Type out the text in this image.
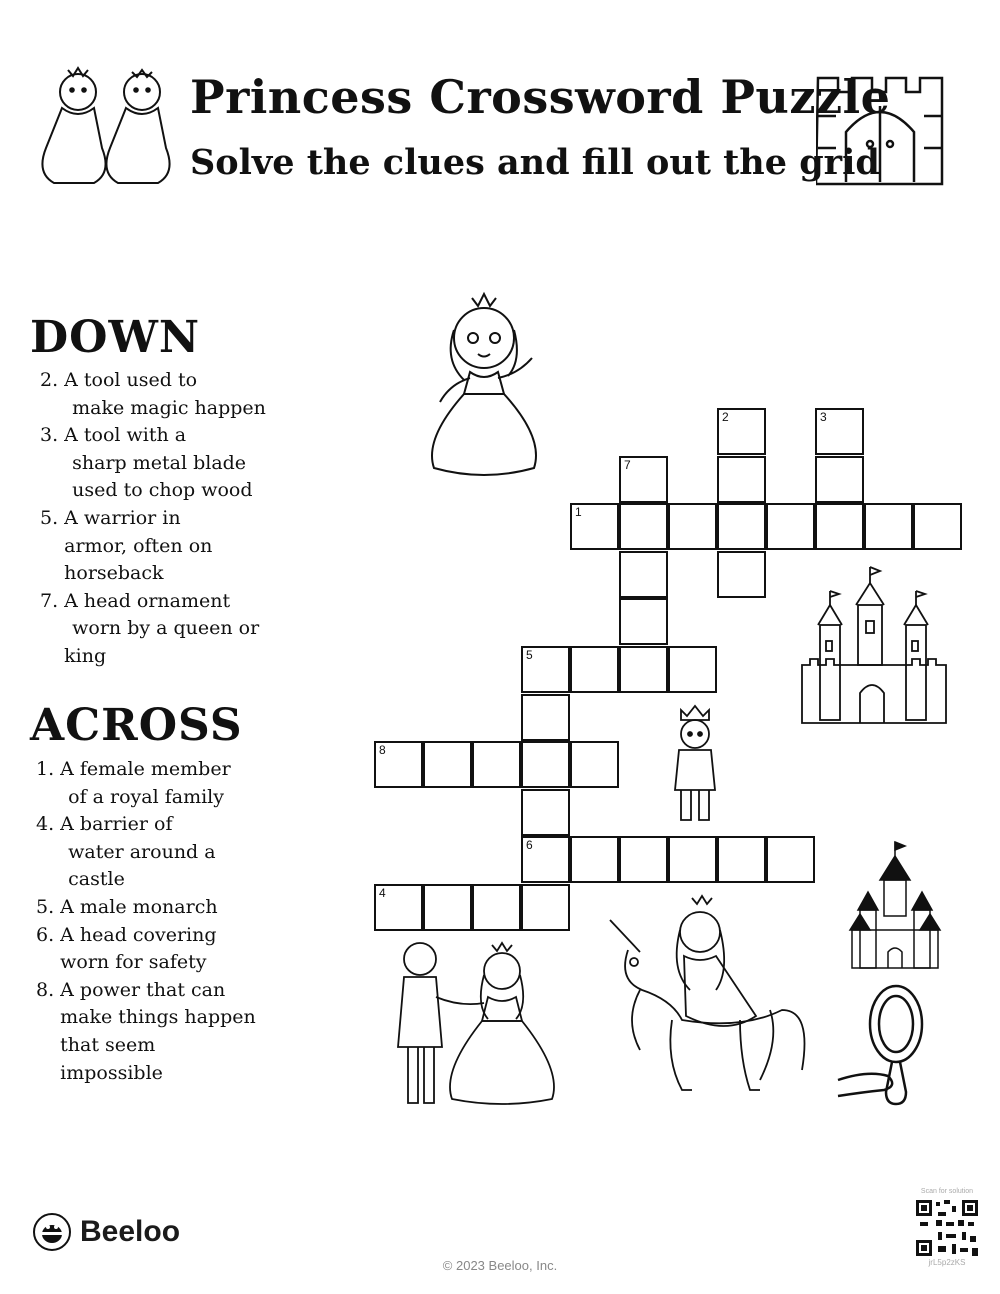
Princess Crossword Puzzle
Solve the clues and fill out the grid
DOWN
2. A tool used to
make magic happen
3. A tool with a
sharp metal blade
used to chop wood
5. A warrior in
armor, often on
horseback
7. A head ornament
worn by a queen or
king
ACROSS
1. A female member
of a royal family
4. A barrier of
water around a
castle
5. A male monarch
6. A head covering
worn for safety
8. A power that can
make things happen
that seem
impossible
2	3
7
1
5
8
6
4
Beeloo
© 2023 Beeloo, Inc.
Scan for solution
jrL5p2zKS
